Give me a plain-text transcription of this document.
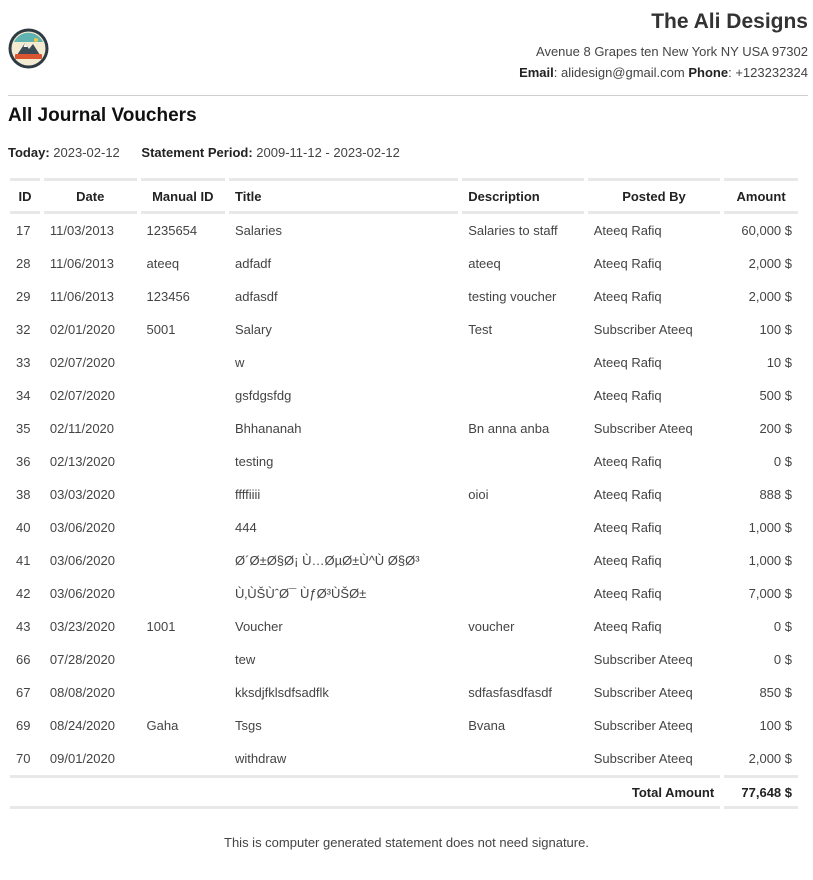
The Ali Designs
Avenue 8 Grapes ten New York NY USA 97302
Email: alidesign@gmail.com Phone: +123232324
All Journal Vouchers
Today: 2023-02-12 Statement Period: 2009-11-12 - 2023-02-12
ID	Date	Manual ID	Title	Description	Posted By	Amount
17	11/03/2013	1235654	Salaries	Salaries to staff	Ateeq Rafiq	60,000 $
28	11/06/2013	ateeq	adfadf	ateeq	Ateeq Rafiq	2,000 $
29	11/06/2013	123456	adfasdf	testing voucher	Ateeq Rafiq	2,000 $
32	02/01/2020	5001	Salary	Test	Subscriber Ateeq	100 $
33	02/07/2020		w		Ateeq Rafiq	10 $
34	02/07/2020		gsfdgsfdg		Ateeq Rafiq	500 $
35	02/11/2020		Bhhananah	Bn anna anba	Subscriber Ateeq	200 $
36	02/13/2020		testing		Ateeq Rafiq	0 $
38	03/03/2020		ffffiiii	oioi	Ateeq Rafiq	888 $
40	03/06/2020		444		Ateeq Rafiq	1,000 $
41	03/06/2020		Ø´Ø±Ø§Ø¡ Ù…ØµØ±Ù^Ù Ø§Ø³		Ateeq Rafiq	1,000 $
42	03/06/2020		Ù‚ÙŠÙˆØ¯ ÙƒØ³ÙŠØ±		Ateeq Rafiq	7,000 $
43	03/23/2020	1001	Voucher	voucher	Ateeq Rafiq	0 $
66	07/28/2020		tew		Subscriber Ateeq	0 $
67	08/08/2020		kksdjfklsdfsadflk	sdfasfasdfasdf	Subscriber Ateeq	850 $
69	08/24/2020	Gaha	Tsgs	Bvana	Subscriber Ateeq	100 $
70	09/01/2020		withdraw		Subscriber Ateeq	2,000 $
Total Amount						77,648 $
This is computer generated statement does not need signature.
